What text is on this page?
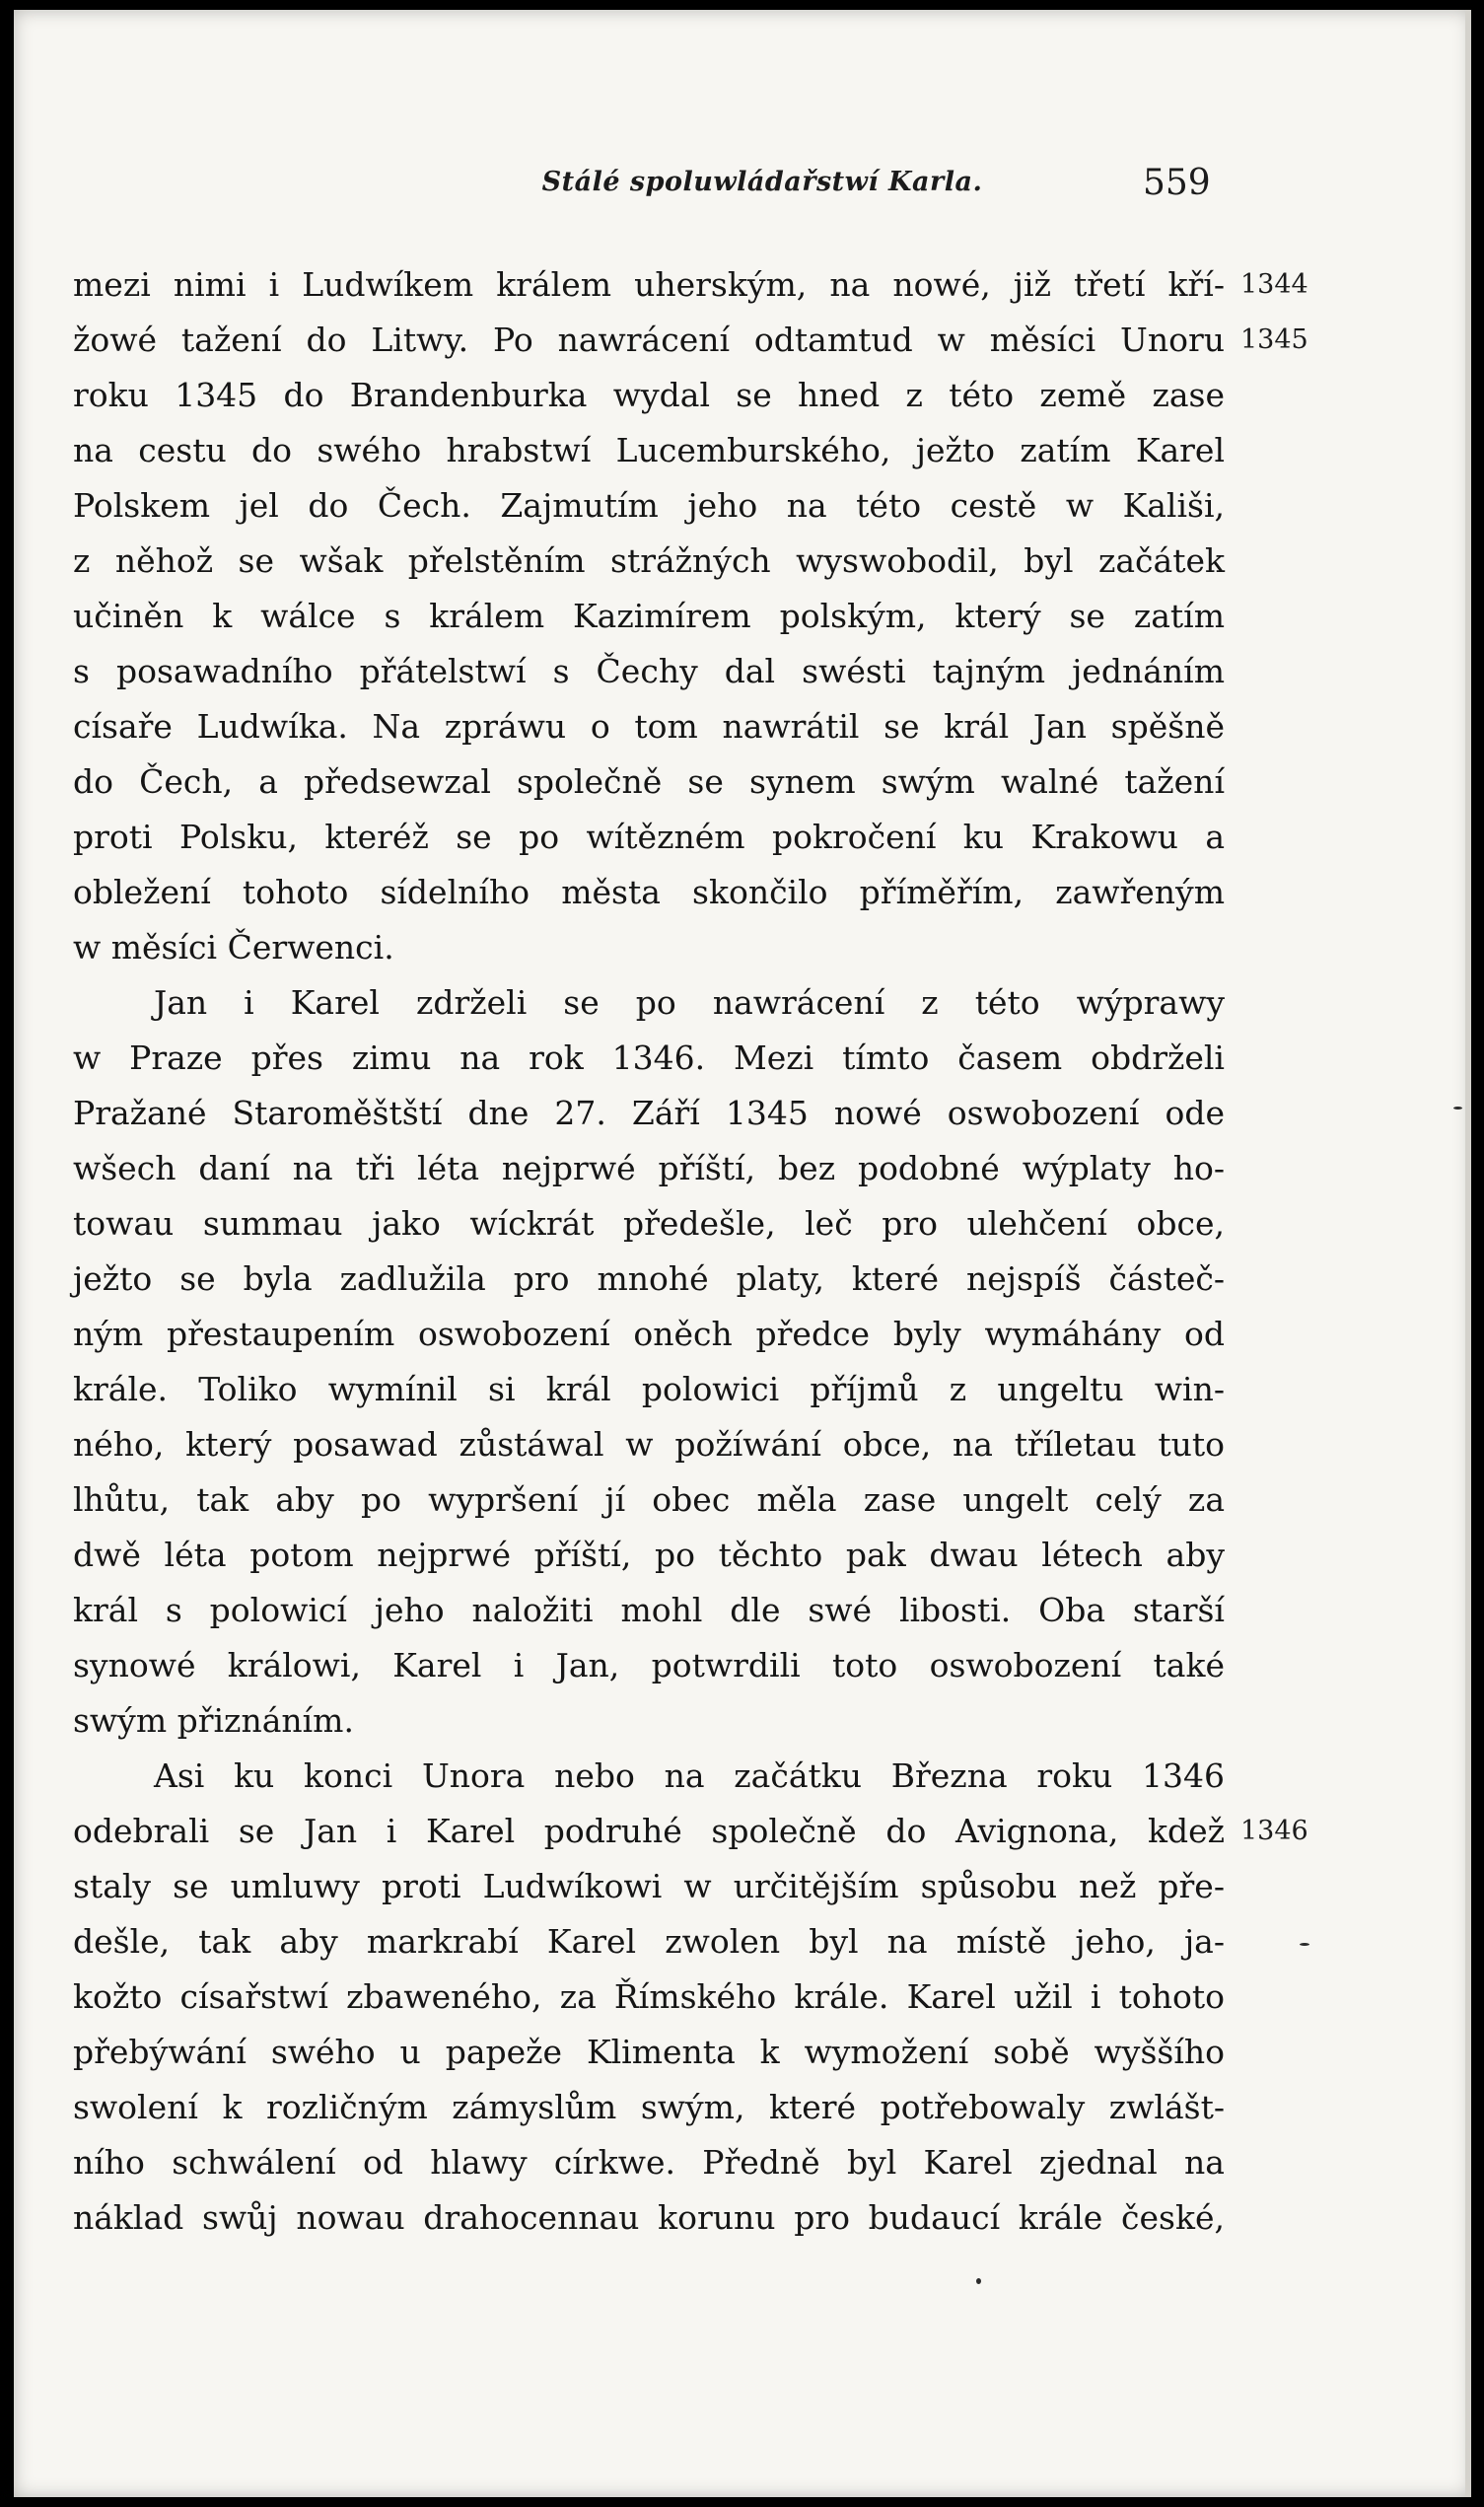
Stálé spoluwládařstwí Karla.	559
mezi nimi i Ludwíkem králem uherským, na nowé, již třetí kří-
žowé tažení do Litwy. Po nawrácení odtamtud w měsíci Unoru
roku 1345 do Brandenburka wydal se hned z této země zase
na cestu do swého hrabstwí Lucemburského, ježto zatím Karel
Polskem jel do Čech. Zajmutím jeho na této cestě w Kališi,
z něhož se wšak přelstěním strážných wyswobodil, byl začátek
učiněn k wálce s králem Kazimírem polským, který se zatím
s posawadního přátelstwí s Čechy dal swésti tajným jednáním
císaře Ludwíka. Na zpráwu o tom nawrátil se král Jan spěšně
do Čech, a předsewzal společně se synem swým walné tažení
proti Polsku, kteréž se po wítězném pokročení ku Krakowu a
obležení tohoto sídelního města skončilo příměřím, zawřeným
w měsíci Čerwenci.
Jan i Karel zdrželi se po nawrácení z této wýprawy
w Praze přes zimu na rok 1346. Mezi tímto časem obdrželi
Pražané Staroměštští dne 27. Září 1345 nowé oswobození ode
wšech daní na tři léta nejprwé příští, bez podobné wýplaty ho-
towau summau jako wíckrát předešle, leč pro ulehčení obce,
ježto se byla zadlužila pro mnohé platy, které nejspíš částeč-
ným přestaupením oswobození oněch předce byly wymáhány od
krále. Toliko wymínil si král polowici příjmů z ungeltu win-
ného, který posawad zůstáwal w požíwání obce, na tříletau tuto
lhůtu, tak aby po wypršení jí obec měla zase ungelt celý za
dwě léta potom nejprwé příští, po těchto pak dwau létech aby
král s polowicí jeho naložiti mohl dle swé libosti. Oba starší
synowé králowi, Karel i Jan, potwrdili toto oswobození také
swým přiznáním.
Asi ku konci Unora nebo na začátku Března roku 1346
odebrali se Jan i Karel podruhé společně do Avignona, kdež
staly se umluwy proti Ludwíkowi w určitějším spůsobu než pře-
dešle, tak aby markrabí Karel zwolen byl na místě jeho, ja-
kožto císařstwí zbaweného, za Římského krále. Karel užil i tohoto
přebýwání swého u papeže Klimenta k wymožení sobě wyššího
swolení k rozličným zámyslům swým, které potřebowaly zwlášt-
ního schwálení od hlawy církwe. Předně byl Karel zjednal na
náklad swůj nowau drahocennau korunu pro budaucí krále české,
1344
1345
1346
